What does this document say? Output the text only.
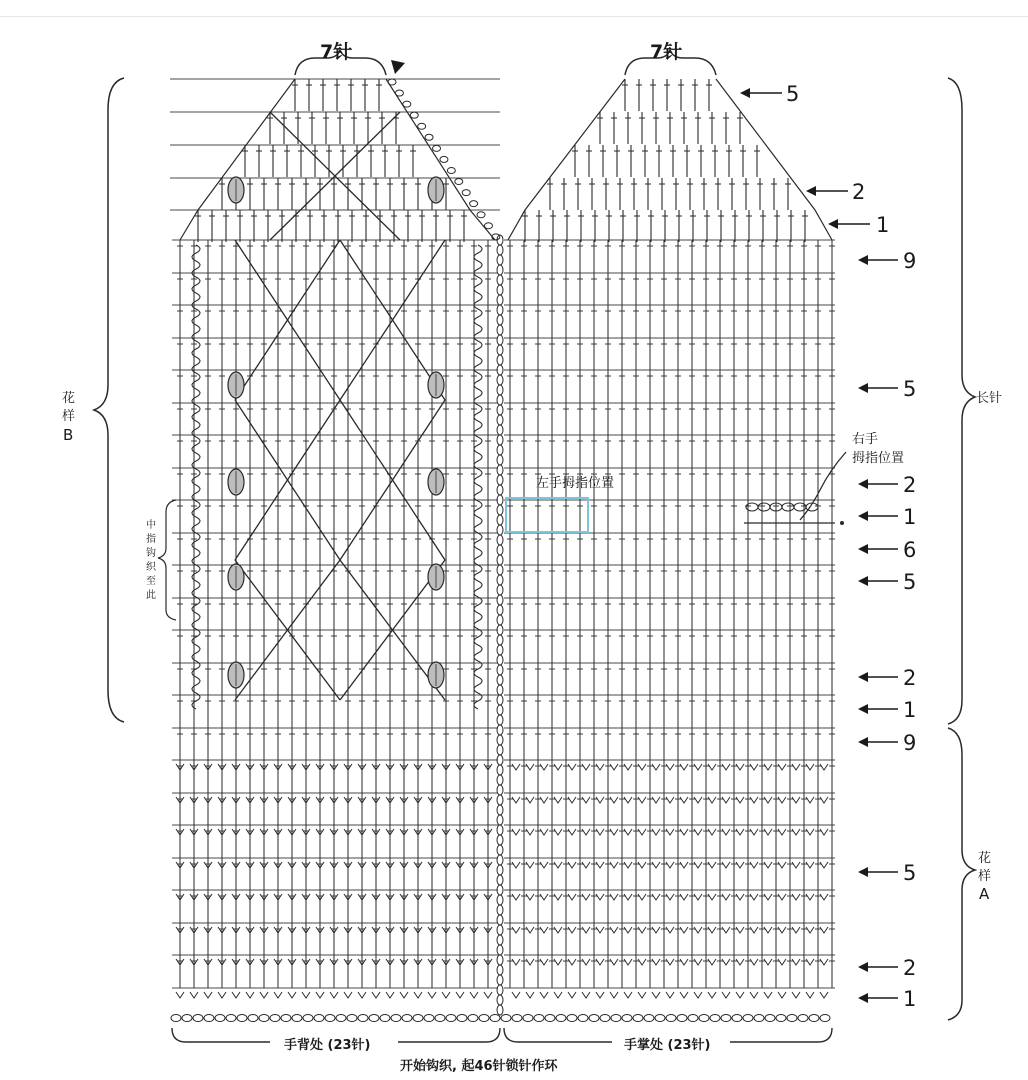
7针	7针
花
样
B
中
指
钩
织
至
此
长针
花
样
A
左手拇指位置
右手
拇指位置
5
2
1
9
5
2
1
6
5
2
1
9
5
2
1
手背处 (23针)	手掌处 (23针)
开始钩织, 起46针锁针作环
